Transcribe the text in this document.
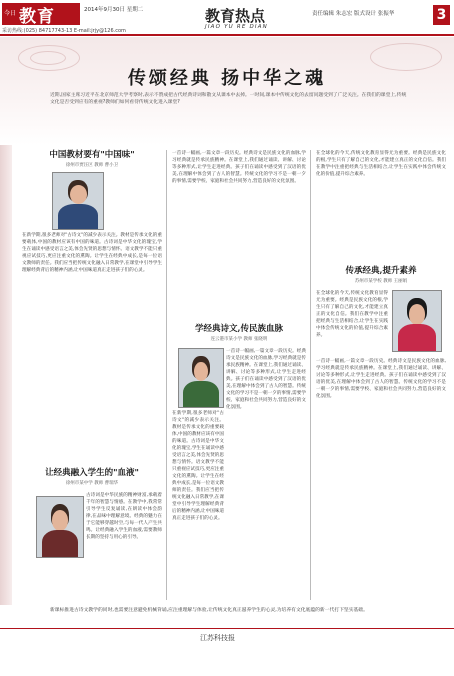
今日 教育	2014年9月30日 星期二
采访热线:(025) 84717743-13 E-mail:jrjy@126.com
教育热点
JIAO YU RE DIAN
责任编辑 朱志宏 版式设计 张振华	3
传颂经典 扬中华之魂
近期,国家主席习近平在北京师范大学考察时,表示不赞成把古代经典诗词和散文从课本中去掉。一时间,课本中传统文化的去留问题受到了广泛关注。在我们的课堂上,传统文化是否受到应有的重视?教师们如何看待传统文化进入课堂?
中国教材要有"中国味"
徐州市贾汪区 教师 曹小卫
在新学期,很多老师对"古诗文"的减少表示关注。教材是传承文化的重要载体,中国的教材应该有中国的味道。古诗词是中华文化的瑰宝,学生在诵读中感受语言之美,体会先贤的思想与情怀。语文教学不能只重视应试技巧,更应注重文化的熏陶。让学生在经典中成长,是每一位语文教师的责任。我们应当把传统文化融入日常教学,在课堂中引导学生理解经典背后的精神内涵,让中国味道真正走进孩子们的心灵。
让经典融入学生的"血液"
徐州市某中学 教师 曹瑞华
古诗词是中华民族的精神财富,承载着千年的智慧与情感。在教学中,我常常引导学生反复诵读,在朗读中体会韵律,在品味中理解意境。经典的魅力在于它能够穿越时空,与每一代人产生共鸣。让经典融入学生的血液,需要教师长期的坚持与用心的引导。
一首诗一幅画,一篇文章一段历史。经典诗文是民族文化的血脉,学习经典就是传承民族精神。在课堂上,我们通过诵读、讲解、讨论等多种形式,让学生走进经典。孩子们在诵读中感受到了汉语的优美,在理解中体会到了古人的智慧。传统文化的学习不是一朝一夕的事情,需要学校、家庭和社会共同努力,营造良好的文化氛围。
学经典诗文,传民族血脉
连云港市某小学 教师 张晓明
一首诗一幅画,一篇文章一段历史。经典诗文是民族文化的血脉,学习经典就是传承民族精神。在课堂上,我们通过诵读、讲解、讨论等多种形式,让学生走进经典。孩子们在诵读中感受到了汉语的优美,在理解中体会到了古人的智慧。传统文化的学习不是一朝一夕的事情,需要学校、家庭和社会共同努力,营造良好的文化氛围。
在新学期,很多老师对"古诗文"的减少表示关注。教材是传承文化的重要载体,中国的教材应该有中国的味道。古诗词是中华文化的瑰宝,学生在诵读中感受语言之美,体会先贤的思想与情怀。语文教学不能只重视应试技巧,更应注重文化的熏陶。让学生在经典中成长,是每一位语文教师的责任。我们应当把传统文化融入日常教学,在课堂中引导学生理解经典背后的精神内涵,让中国味道真正走进孩子们的心灵。
在全球化的今天,传统文化教育显得尤为重要。经典是民族文化的根,学生只有了解自己的文化,才能建立真正的文化自信。我们在教学中注重把经典与生活相结合,让学生在实践中体会传统文化的价值,提升综合素养。
传承经典,提升素养
苏州市某学校 教师 王丽娟
在全球化的今天,传统文化教育显得尤为重要。经典是民族文化的根,学生只有了解自己的文化,才能建立真正的文化自信。我们在教学中注重把经典与生活相结合,让学生在实践中体会传统文化的价值,提升综合素养。
一首诗一幅画,一篇文章一段历史。经典诗文是民族文化的血脉,学习经典就是传承民族精神。在课堂上,我们通过诵读、讲解、讨论等多种形式,让学生走进经典。孩子们在诵读中感受到了汉语的优美,在理解中体会到了古人的智慧。传统文化的学习不是一朝一夕的事情,需要学校、家庭和社会共同努力,营造良好的文化氛围。
新课标推进古诗文教学的同时,也需要注意避免机械背诵,应注重理解与体验,让传统文化真正滋养学生的心灵,为培养有文化底蕴的新一代打下坚实基础。
江苏科技报
